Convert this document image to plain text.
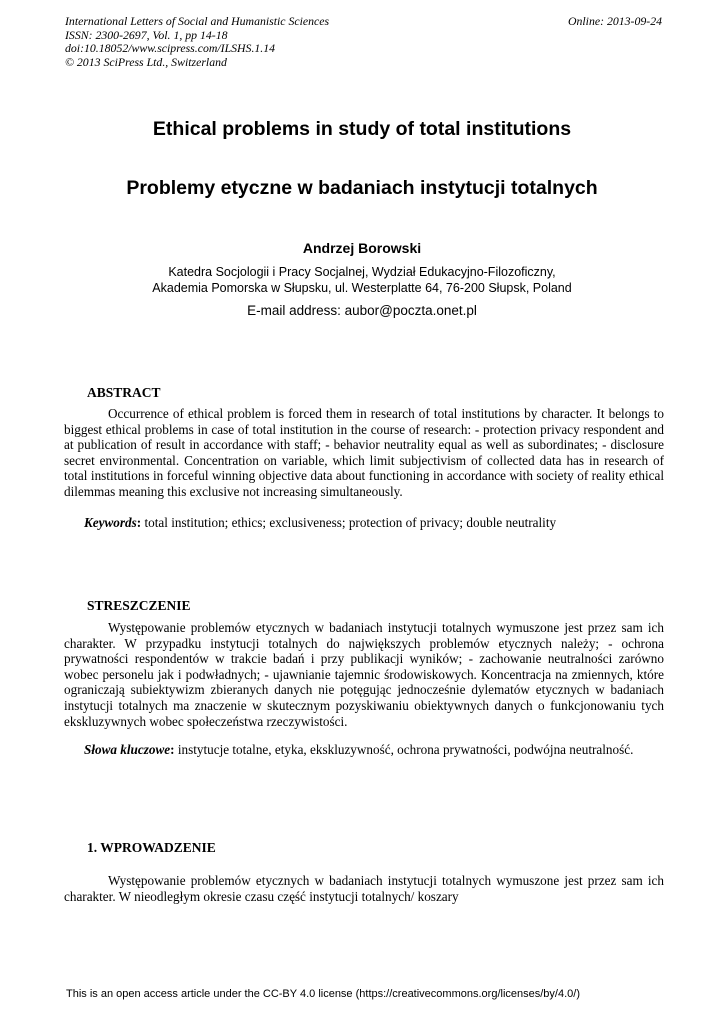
International Letters of Social and Humanistic Sciences
ISSN: 2300-2697, Vol. 1, pp 14-18
doi:10.18052/www.scipress.com/ILSHS.1.14
© 2013 SciPress Ltd., Switzerland
Online: 2013-09-24
Ethical problems in study of total institutions
Problemy etyczne w badaniach instytucji totalnych
Andrzej Borowski
Katedra Socjologii i Pracy Socjalnej, Wydział Edukacyjno-Filozoficzny,
Akademia Pomorska w Słupsku, ul. Westerplatte 64, 76-200 Słupsk, Poland
E-mail address: aubor@poczta.onet.pl
ABSTRACT

Occurrence of ethical problem is forced them in research of total institutions by character. It belongs to biggest ethical problems in case of total institution in the course of research: - protection privacy respondent and at publication of result in accordance with staff; - behavior neutrality equal as well as subordinates; - disclosure secret environmental. Concentration on variable, which limit subjectivism of collected data has in research of total institutions in forceful winning objective data about functioning in accordance with society of reality ethical dilemmas meaning this exclusive not increasing simultaneously.

Keywords: total institution; ethics; exclusiveness; protection of privacy; double neutrality

STRESZCZENIE

Występowanie problemów etycznych w badaniach instytucji totalnych wymuszone jest przez sam ich charakter. W przypadku instytucji totalnych do największych problemów etycznych należy; - ochrona prywatności respondentów w trakcie badań i przy publikacji wyników; - zachowanie neutralności zarówno wobec personelu jak i podwładnych; - ujawnianie tajemnic środowiskowych. Koncentracja na zmiennych, które ograniczają subiektywizm zbieranych danych nie potęgując jednocześnie dylematów etycznych w badaniach instytucji totalnych ma znaczenie w skutecznym pozyskiwaniu obiektywnych danych o funkcjonowaniu tych ekskluzywnych wobec społeczeństwa rzeczywistości.

Słowa kluczowe: instytucje totalne, etyka, ekskluzywność, ochrona prywatności, podwójna neutralność.

1. WPROWADZENIE

Występowanie problemów etycznych w badaniach instytucji totalnych wymuszone jest przez sam ich charakter. W nieodległym okresie czasu część instytucji totalnych/ koszary

This is an open access article under the CC-BY 4.0 license (https://creativecommons.org/licenses/by/4.0/)
